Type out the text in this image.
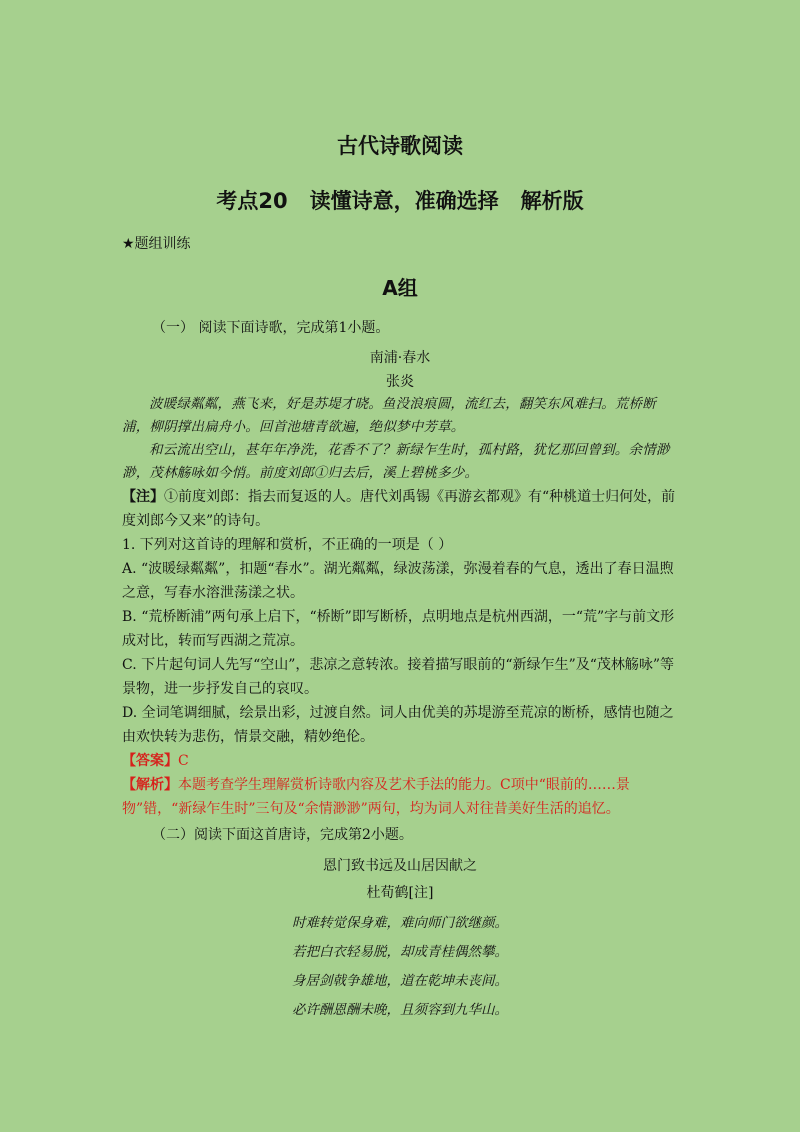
古代诗歌阅读
考点20 读懂诗意，准确选择 解析版
★题组训练
A组
（一） 阅读下面诗歌，完成第1小题。
南浦·春水
张炎

波暖绿粼粼，燕飞来，好是苏堤才晓。鱼没浪痕圆，流红去，翻笑东风难扫。荒桥断浦，柳阴撑出扁舟小。回首池塘青欲遍，绝似梦中芳草。

和云流出空山，甚年年净洗，花香不了？新绿乍生时，孤村路，犹忆那回曾到。余情渺渺，茂林觞咏如今悄。前度刘郎①归去后，溪上碧桃多少。

【注】①前度刘郎：指去而复返的人。唐代刘禹锡《再游玄都观》有“种桃道士归何处，前度刘郎今又来”的诗句。

1. 下列对这首诗的理解和赏析，不正确的一项是（ ）

A. “波暖绿粼粼”，扣题“春水”。湖光粼粼，绿波荡漾，弥漫着春的气息，透出了春日温煦之意，写春水溶泄荡漾之状。

B. “荒桥断浦”两句承上启下，“桥断”即写断桥，点明地点是杭州西湖，一“荒”字与前文形成对比，转而写西湖之荒凉。

C. 下片起句词人先写“空山”，悲凉之意转浓。接着描写眼前的“新绿乍生”及“茂林觞咏”等景物，进一步抒发自己的哀叹。

D. 全词笔调细腻，绘景出彩，过渡自然。词人由优美的苏堤游至荒凉的断桥，感情也随之由欢快转为悲伤，情景交融，精妙绝伦。

【答案】C

【解析】本题考查学生理解赏析诗歌内容及艺术手法的能力。C项中“眼前的……景物”错，“新绿乍生时”三句及“余情渺渺”两句，均为词人对往昔美好生活的追忆。

（二）阅读下面这首唐诗，完成第2小题。
恩门致书远及山居因献之
杜荀鹤[注]
时难转觉保身难，难向师门欲继颜。
若把白衣轻易脱，却成青桂偶然攀。
身居剑戟争雄地，道在乾坤未丧间。
必许酬恩酬未晚，且须容到九华山。
